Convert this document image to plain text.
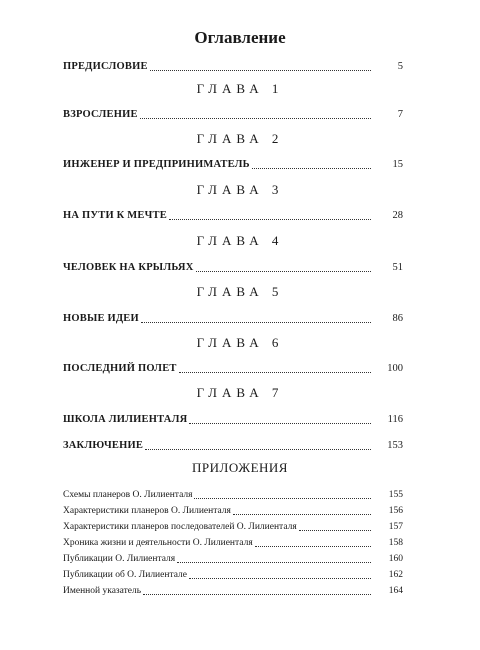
Оглавление
ПРЕДИСЛОВИЕ	5
ГЛАВА 1
ВЗРОСЛЕНИЕ	7
ГЛАВА 2
ИНЖЕНЕР И ПРЕДПРИНИМАТЕЛЬ	15
ГЛАВА 3
НА ПУТИ К МЕЧТЕ	28
ГЛАВА 4
ЧЕЛОВЕК НА КРЫЛЬЯХ	51
ГЛАВА 5
НОВЫЕ ИДЕИ	86
ГЛАВА 6
ПОСЛЕДНИЙ ПОЛЕТ	100
ГЛАВА 7
ШКОЛА ЛИЛИЕНТАЛЯ	116
ЗАКЛЮЧЕНИЕ	153
ПРИЛОЖЕНИЯ
Схемы планеров О. Лилиенталя	155
Характеристики планеров О. Лилиенталя	156
Характеристики планеров последователей О. Лилиенталя	157
Хроника жизни и деятельности О. Лилиенталя	158
Публикации О. Лилиенталя	160
Публикации об О. Лилиентале	162
Именной указатель	164
